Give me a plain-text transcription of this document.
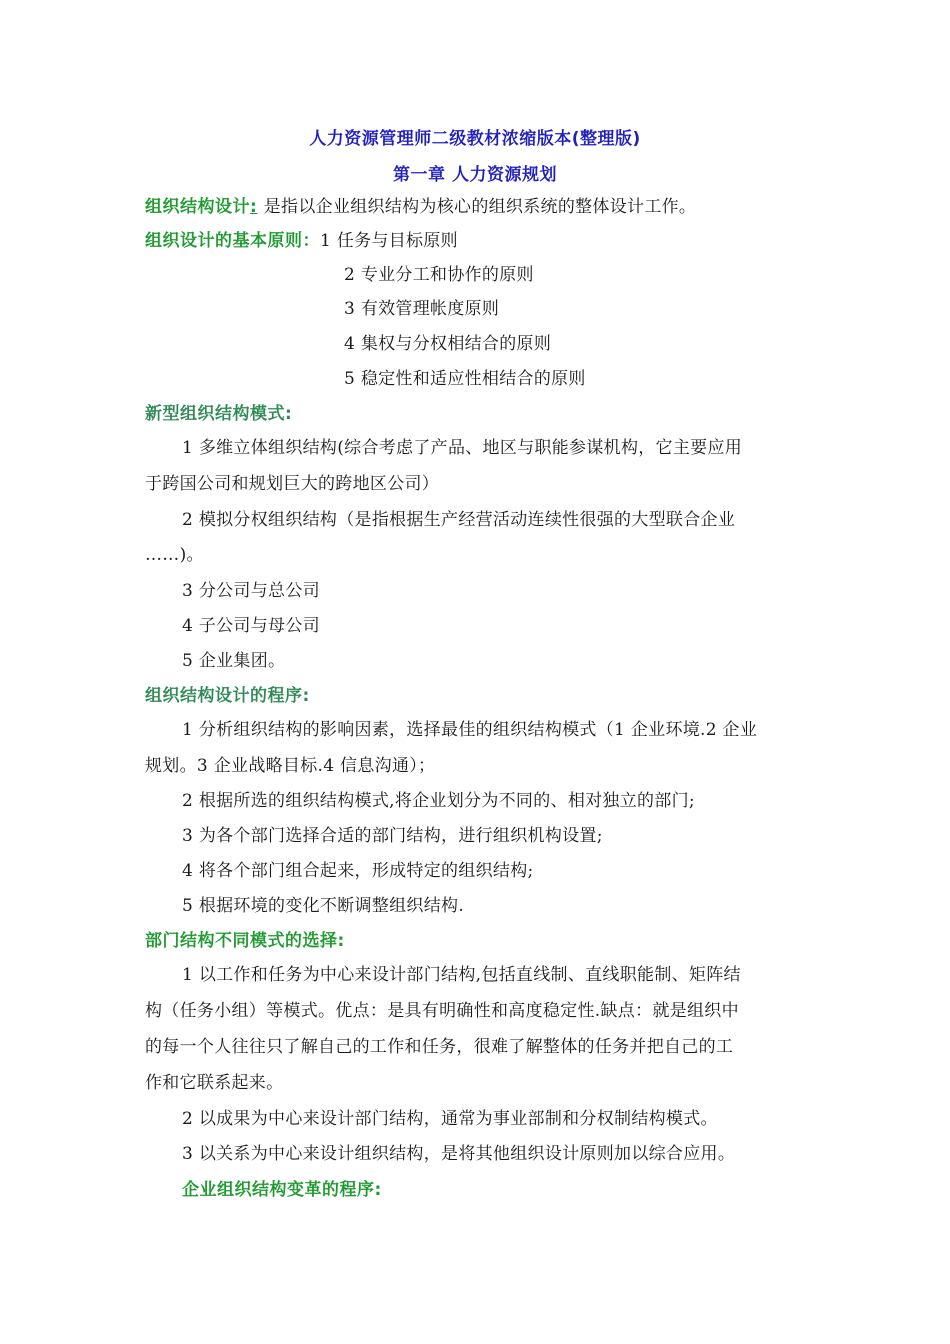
人力资源管理师二级教材浓缩版本(整理版)
第一章 人力资源规划
组织结构设计: 是指以企业组织结构为核心的组织系统的整体设计工作。
组织设计的基本原则：1 任务与目标原则
2 专业分工和协作的原则
3 有效管理帐度原则
4 集权与分权相结合的原则
5 稳定性和适应性相结合的原则
新型组织结构模式:
1 多维立体组织结构(综合考虑了产品、地区与职能参谋机构，它主要应用
于跨国公司和规划巨大的跨地区公司）
2 模拟分权组织结构（是指根据生产经营活动连续性很强的大型联合企业
……)。
3 分公司与总公司
4 子公司与母公司
5 企业集团。
组织结构设计的程序:
1 分析组织结构的影响因素，选择最佳的组织结构模式（1 企业环境.2 企业
规划。3 企业战略目标.4 信息沟通）；
2 根据所选的组织结构模式,将企业划分为不同的、相对独立的部门;
3 为各个部门选择合适的部门结构，进行组织机构设置;
4 将各个部门组合起来，形成特定的组织结构;
5 根据环境的变化不断调整组织结构.
部门结构不同模式的选择:
1 以工作和任务为中心来设计部门结构,包括直线制、直线职能制、矩阵结
构（任务小组）等模式。优点：是具有明确性和高度稳定性.缺点：就是组织中
的每一个人往往只了解自己的工作和任务，很难了解整体的任务并把自己的工
作和它联系起来。
2 以成果为中心来设计部门结构，通常为事业部制和分权制结构模式。
3 以关系为中心来设计组织结构，是将其他组织设计原则加以综合应用。
企业组织结构变革的程序:
